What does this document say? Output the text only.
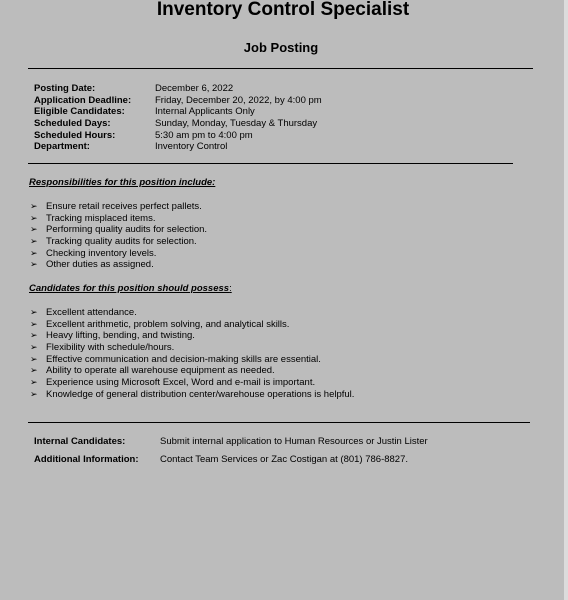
Inventory Control Specialist
Job Posting
Posting Date:	December 6, 2022
Application Deadline:	Friday, December 20, 2022, by 4:00 pm
Eligible Candidates:	Internal Applicants Only
Scheduled Days:	Sunday, Monday, Tuesday & Thursday
Scheduled Hours:	5:30 am pm to 4:00 pm
Department:	Inventory Control
Responsibilities for this position include:
➢ Ensure retail receives perfect pallets.
➢ Tracking misplaced items.
➢ Performing quality audits for selection.
➢ Tracking quality audits for selection.
➢ Checking inventory levels.
➢ Other duties as assigned.
Candidates for this position should possess:
➢ Excellent attendance.
➢ Excellent arithmetic, problem solving, and analytical skills.
➢ Heavy lifting, bending, and twisting.
➢ Flexibility with schedule/hours.
➢ Effective communication and decision-making skills are essential.
➢ Ability to operate all warehouse equipment as needed.
➢ Experience using Microsoft Excel, Word and e-mail is important.
➢ Knowledge of general distribution center/warehouse operations is helpful.
Internal Candidates:	Submit internal application to Human Resources or Justin Lister
Additional Information: Contact Team Services or Zac Costigan at (801) 786-8827.
